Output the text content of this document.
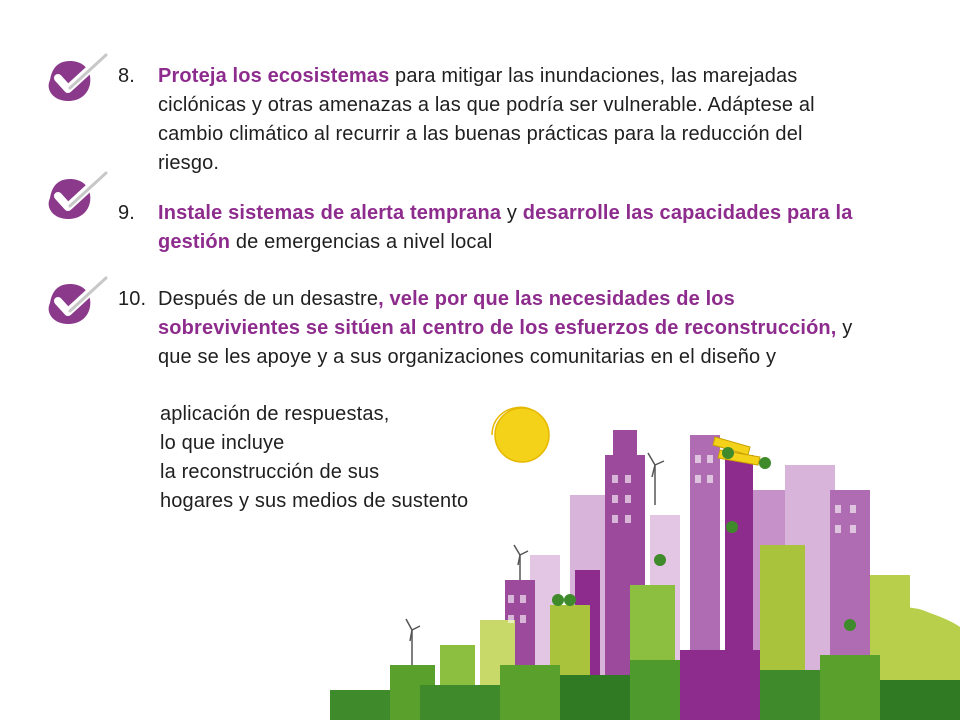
8. Proteja los ecosistemas para mitigar las inundaciones, las marejadas ciclónicas y otras amenazas a las que podría ser vulnerable. Adáptese al cambio climático al recurrir a las buenas prácticas para la reducción del riesgo.
9. Instale sistemas de alerta temprana y desarrolle las capacidades para la gestión de emergencias a nivel local
10. Después de un desastre, vele por que las necesidades de los sobrevivientes se sitúen al centro de los esfuerzos de reconstrucción, y que se les apoye y a sus organizaciones comunitarias en el diseño y
aplicación de respuestas,
lo que incluye
la reconstrucción de sus
hogares y sus medios de sustento
